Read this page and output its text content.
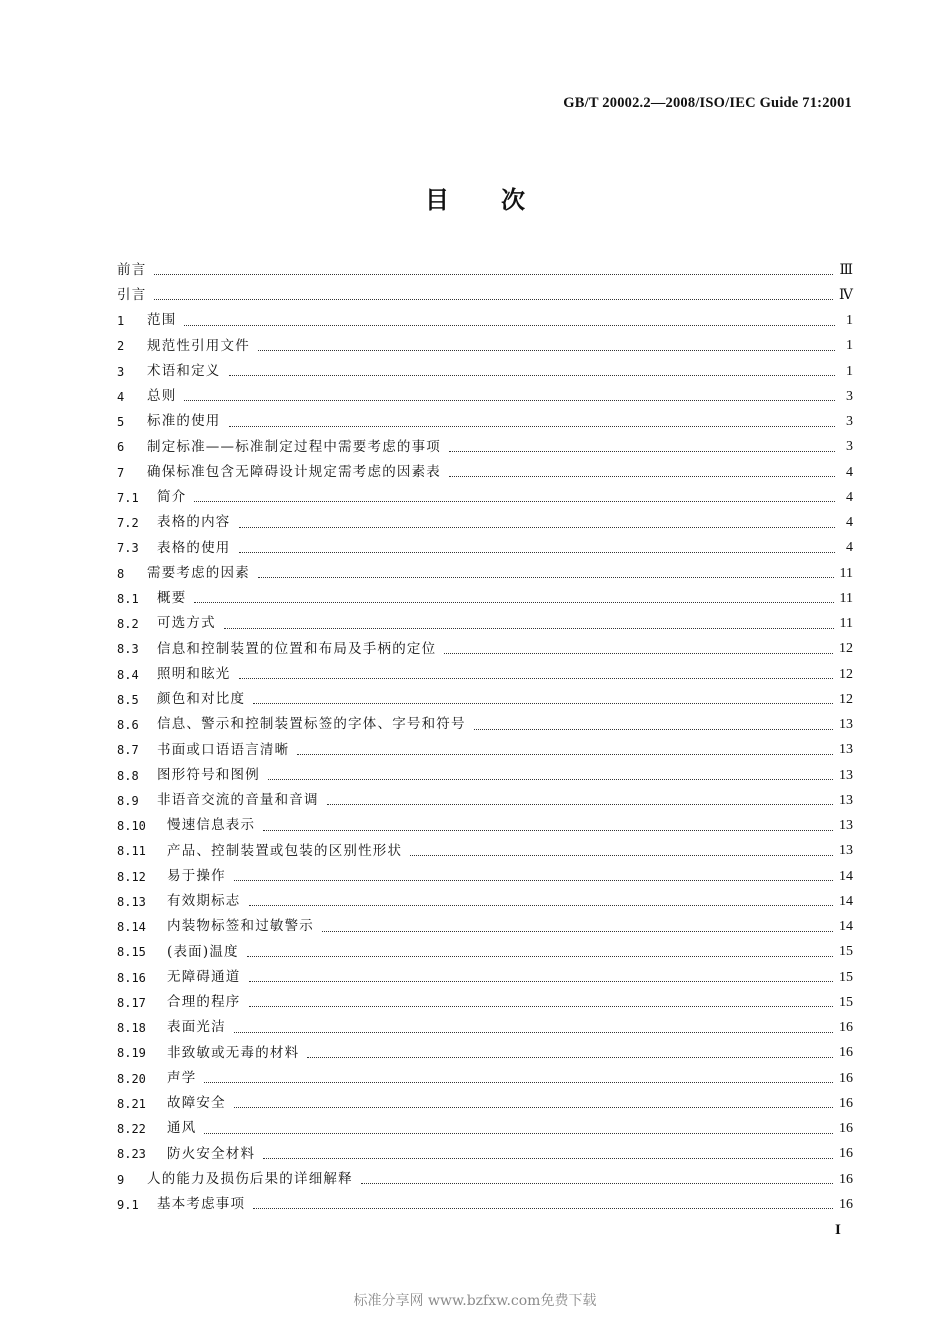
GB/T 20002.2—2008/ISO/IEC Guide 71:2001
目次
前言	Ⅲ
引言	Ⅳ
1	范围	1
2	规范性引用文件	1
3	术语和定义	1
4	总则	3
5	标准的使用	3
6	制定标准——标准制定过程中需要考虑的事项	3
7	确保标准包含无障碍设计规定需考虑的因素表	4
7.1	简介	4
7.2	表格的内容	4
7.3	表格的使用	4
8	需要考虑的因素	11
8.1	概要	11
8.2	可选方式	11
8.3	信息和控制装置的位置和布局及手柄的定位	12
8.4	照明和眩光	12
8.5	颜色和对比度	12
8.6	信息、警示和控制装置标签的字体、字号和符号	13
8.7	书面或口语语言清晰	13
8.8	图形符号和图例	13
8.9	非语音交流的音量和音调	13
8.10	慢速信息表示	13
8.11	产品、控制装置或包装的区别性形状	13
8.12	易于操作	14
8.13	有效期标志	14
8.14	内装物标签和过敏警示	14
8.15	(表面)温度	15
8.16	无障碍通道	15
8.17	合理的程序	15
8.18	表面光洁	16
8.19	非致敏或无毒的材料	16
8.20	声学	16
8.21	故障安全	16
8.22	通风	16
8.23	防火安全材料	16
9	人的能力及损伤后果的详细解释	16
9.1	基本考虑事项	16
I
标准分享网 www.bzfxw.com免费下载
